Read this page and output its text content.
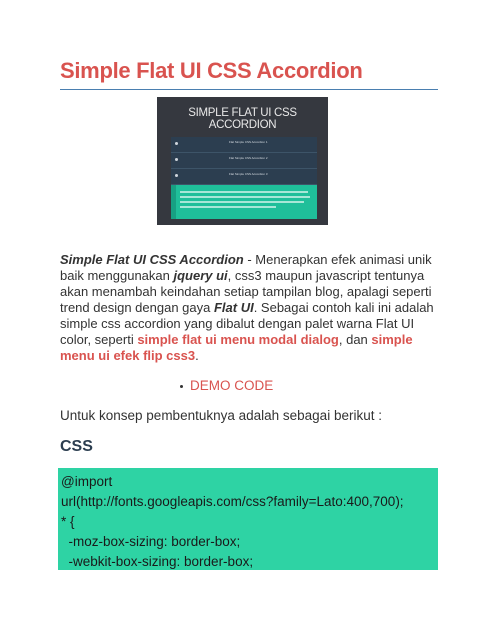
Simple Flat UI CSS Accordion
SIMPLE FLAT UI CSS ACCORDION
Flat Simple CSS Accordion 1
Flat Simple CSS Accordion 2
Flat Simple CSS Accordion 3

Simple Flat UI CSS Accordion - Menerapkan efek animasi unik baik menggunakan jquery ui, css3 maupun javascript tentunya akan menambah keindahan setiap tampilan blog, apalagi seperti trend design dengan gaya Flat UI. Sebagai contoh kali ini adalah simple css accordion yang dibalut dengan palet warna Flat UI color, seperti simple flat ui menu modal dialog, dan simple menu ui efek flip css3.

DEMO CODE
Untuk konsep pembentuknya adalah sebagai berikut :
CSS
@import
url(http://fonts.googleapis.com/css?family=Lato:400,700);
* {
-moz-box-sizing: border-box;
-webkit-box-sizing: border-box;
